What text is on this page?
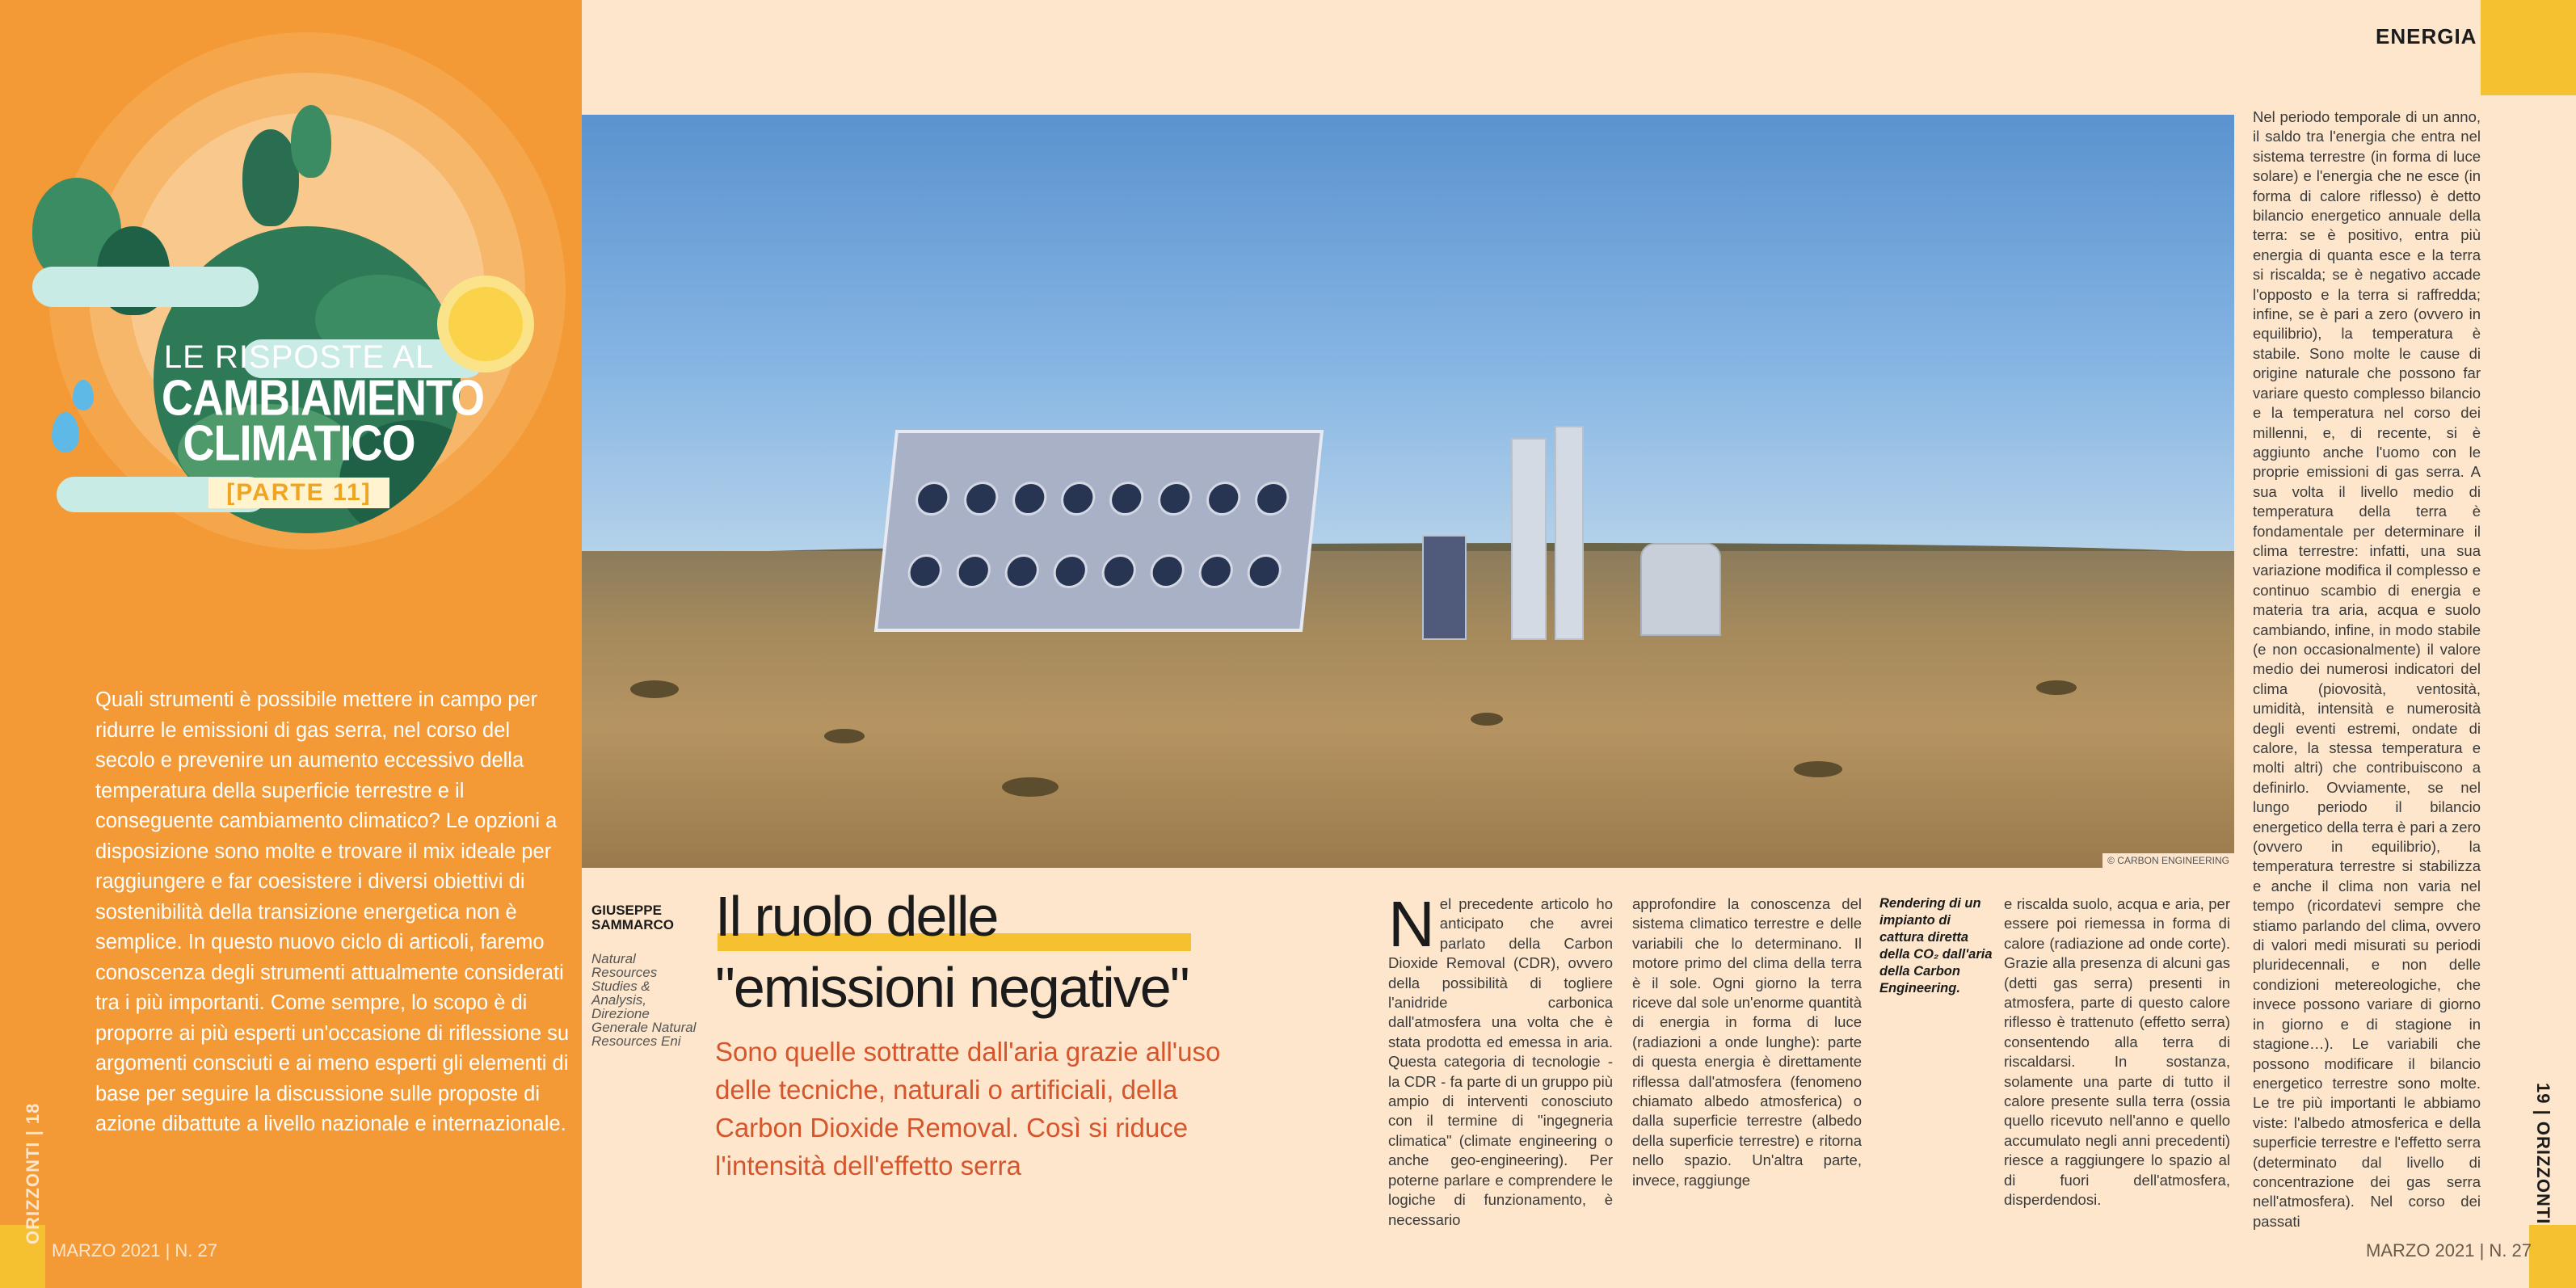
LE RISPOSTE AL
CAMBIAMENTO
CLIMATICO
[PARTE 11]

Quali strumenti è possibile mettere in campo per ridurre le emissioni di gas serra, nel corso del secolo e prevenire un aumento eccessivo della temperatura della superficie terrestre e il conseguente cambiamento climatico? Le opzioni a disposizione sono molte e trovare il mix ideale per raggiungere e far coesistere i diversi obiettivi di sostenibilità della transizione energetica non è semplice. In questo nuovo ciclo di articoli, faremo conoscenza degli strumenti attualmente considerati tra i più importanti. Come sempre, lo scopo è di proporre ai più esperti un'occasione di riflessione su argomenti consciuti e ai meno esperti gli elementi di base per seguire la discussione sulle proposte di azione dibattute a livello nazionale e internazionale.

ORIZZONTI | 18
MARZO 2021 | N. 27
ENERGIA
© CARBON ENGINEERING
GIUSEPPE SAMMARCO
Natural Resources Studies & Analysis, Direzione Generale Natural Resources Eni
Il ruolo delle
"emissioni negative"

Sono quelle sottratte dall'aria grazie all'uso delle tecniche, naturali o artificiali, della Carbon Dioxide Removal. Così si riduce l'intensità dell'effetto serra

Nel precedente articolo ho anticipato che avrei parlato della Carbon Dioxide Removal (CDR), ovvero della possibilità di togliere l'anidride carbonica dall'atmosfera una volta che è stata prodotta ed emessa in aria. Questa categoria di tecnologie - la CDR - fa parte di un gruppo più ampio di interventi conosciuto con il termine di "ingegneria climatica" (climate engineering o anche geo-engineering). Per poterne parlare e comprendere le logiche di funzionamento, è necessario
approfondire la conoscenza del sistema climatico terrestre e delle variabili che lo determinano. Il motore primo del clima della terra è il sole. Ogni giorno la terra riceve dal sole un'enorme quantità di energia in forma di luce (radiazioni a onde lunghe): parte di questa energia è direttamente riflessa dall'atmosfera (fenomeno chiamato albedo atmosferica) o dalla superficie terrestre (albedo della superficie terrestre) e ritorna nello spazio. Un'altra parte, invece, raggiunge
Rendering di un impianto di cattura diretta della CO₂ dall'aria della Carbon Engineering.
e riscalda suolo, acqua e aria, per essere poi riemessa in forma di calore (radiazione ad onde corte). Grazie alla presenza di alcuni gas (detti gas serra) presenti in atmosfera, parte di questo calore riflesso è trattenuto (effetto serra) consentendo alla terra di riscaldarsi. In sostanza, solamente una parte di tutto il calore presente sulla terra (ossia quello ricevuto nell'anno e quello accumulato negli anni precedenti) riesce a raggiungere lo spazio al di fuori dell'atmosfera, disperdendosi.
Nel periodo temporale di un anno, il saldo tra l'energia che entra nel sistema terrestre (in forma di luce solare) e l'energia che ne esce (in forma di calore riflesso) è detto bilancio energetico annuale della terra: se è positivo, entra più energia di quanta esce e la terra si riscalda; se è negativo accade l'opposto e la terra si raffredda; infine, se è pari a zero (ovvero in equilibrio), la temperatura è stabile. Sono molte le cause di origine naturale che possono far variare questo complesso bilancio e la temperatura nel corso dei millenni, e, di recente, si è aggiunto anche l'uomo con le proprie emissioni di gas serra. A sua volta il livello medio di temperatura della terra è fondamentale per determinare il clima terrestre: infatti, una sua variazione modifica il complesso e continuo scambio di energia e materia tra aria, acqua e suolo cambiando, infine, in modo stabile (e non occasionalmente) il valore medio dei numerosi indicatori del clima (piovosità, ventosità, umidità, intensità e numerosità degli eventi estremi, ondate di calore, la stessa temperatura e molti altri) che contribuiscono a definirlo. Ovviamente, se nel lungo periodo il bilancio energetico della terra è pari a zero (ovvero in equilibrio), la temperatura terrestre si stabilizza e anche il clima non varia nel tempo (ricordatevi sempre che stiamo parlando del clima, ovvero di valori medi misurati su periodi pluridecennali, e non delle condizioni metereologiche, che invece possono variare di giorno in giorno e di stagione in stagione…). Le variabili che possono modificare il bilancio energetico terrestre sono molte. Le tre più importanti le abbiamo viste: l'albedo atmosferica e della superficie terrestre e l'effetto serra (determinato dal livello di concentrazione dei gas serra nell'atmosfera). Nel corso dei passati
19 | ORIZZONTI
MARZO 2021 | N. 27
